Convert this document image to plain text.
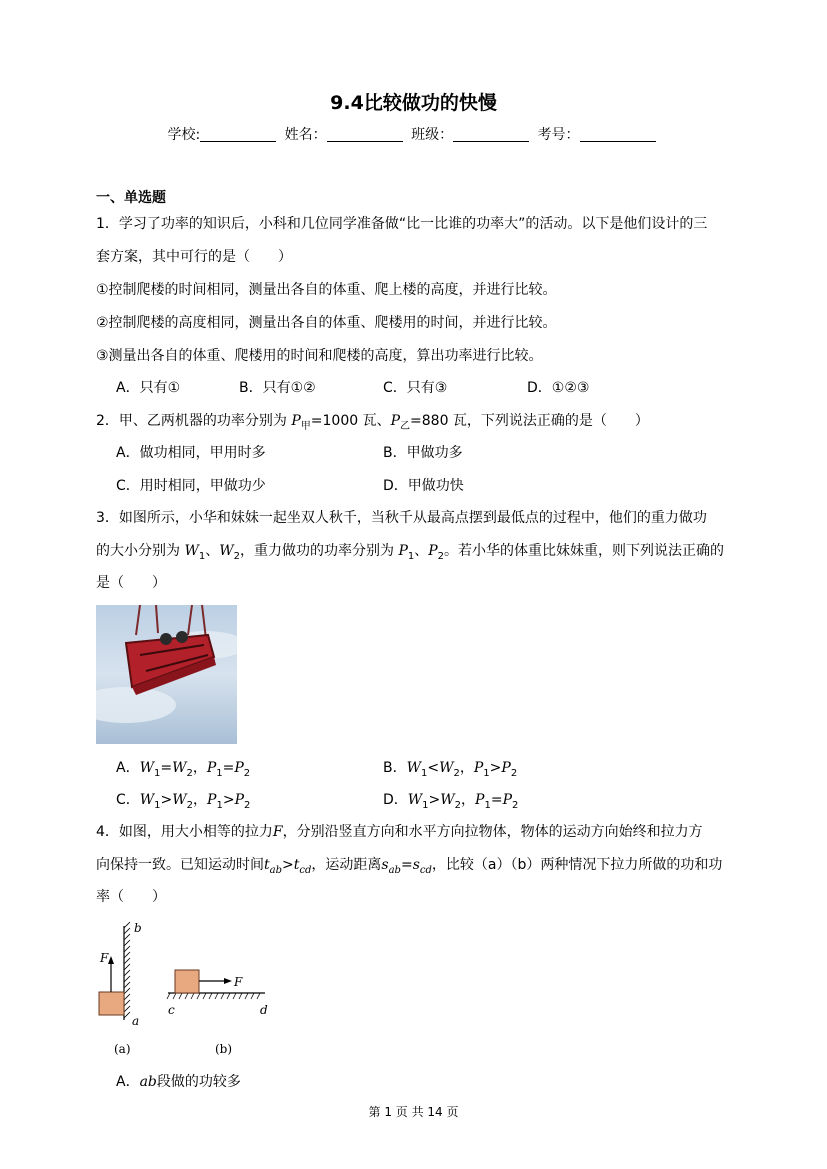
9.4比较做功的快慢
学校:	姓名：	班级：	考号：
一、单选题
1．学习了功率的知识后，小科和几位同学准备做“比一比谁的功率大”的活动。以下是他们设计的三
套方案，其中可行的是（　　）
①控制爬楼的时间相同，测量出各自的体重、爬上楼的高度，并进行比较。
②控制爬楼的高度相同，测量出各自的体重、爬楼用的时间，并进行比较。
③测量出各自的体重、爬楼用的时间和爬楼的高度，算出功率进行比较。
A．只有①	B．只有①②	C．只有③	D．①②③
2．甲、乙两机器的功率分别为 $P_甲=1000$ 瓦、$P_乙=880$ 瓦，下列说法正确的是（　　）
A．做功相同，甲用时多	B．甲做功多
C．用时相同，甲做功少	D．甲做功快
3．如图所示，小华和妹妹一起坐双人秋千，当秋千从最高点摆到最低点的过程中，他们的重力做功
的大小分别为 $W_1$、$W_2$，重力做功的功率分别为 $P_1$、$P_2$。若小华的体重比妹妹重，则下列说法正确的
是（　　）
A．$W_1=W_2$，$P_1=P_2$	B．$W_1<W_2$，$P_1>P_2$
C．$W_1>W_2$，$P_1>P_2$	D．$W_1>W_2$，$P_1=P_2$
4．如图，用大小相等的拉力F，分别沿竖直方向和水平方向拉物体，物体的运动方向始终和拉力方
向保持一致。已知运动时间$t_{ab}>t_{cd}$，运动距离$s_{ab}=s_{cd}$，比较（a）（b）两种情况下拉力所做的功和功
率（　　）
F
b
a
F
c	d
(a)	(b)
A．ab段做的功较多
第 1 页 共 14 页
